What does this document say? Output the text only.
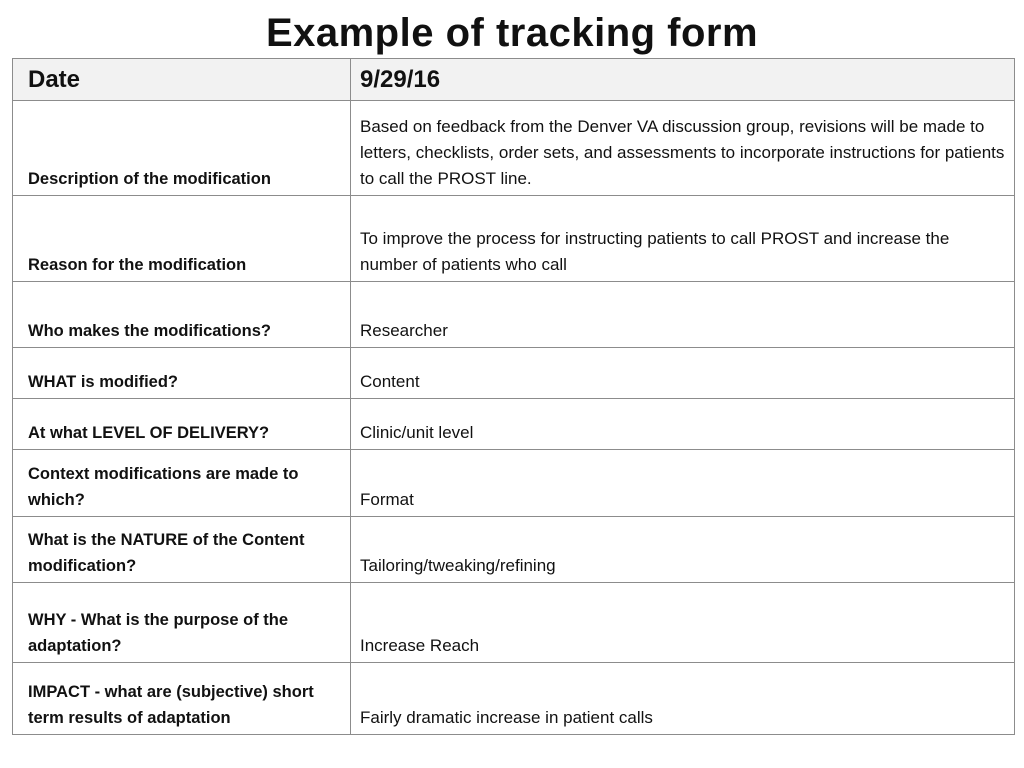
Example of tracking form
Date	9/29/16
Description of the modification	Based on feedback from the Denver VA discussion group, revisions will be made to letters, checklists, order sets, and assessments to incorporate instructions for patients to call the PROST line.
Reason for the modification	To improve the process for instructing patients to call PROST and increase the number of patients who call
Who makes the modifications?	Researcher
WHAT is modified?	Content
At what LEVEL OF DELIVERY?	Clinic/unit level
Context modifications are made to which?	Format
What is the NATURE of the Content modification?	Tailoring/tweaking/refining
WHY - What is the purpose of the adaptation?	Increase Reach
IMPACT - what are (subjective) short term results of adaptation	Fairly dramatic increase in patient calls
